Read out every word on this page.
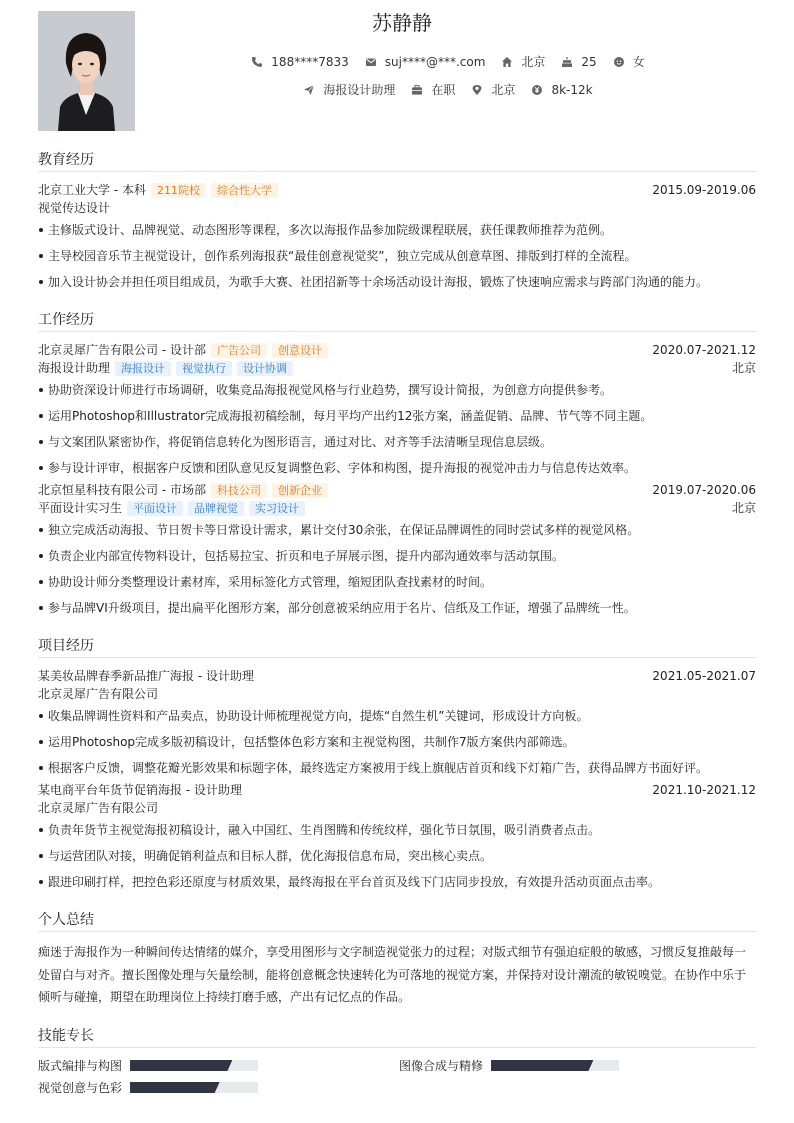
苏静静
188****7833	suj****@***.com	北京	25	女
海报设计助理	在职	北京	8k-12k
教育经历
北京工业大学 - 本科	211院校	综合性大学	2015.09-2019.06
视觉传达设计
主修版式设计、品牌视觉、动态图形等课程，多次以海报作品参加院级课程联展，获任课教师推荐为范例。
主导校园音乐节主视觉设计，创作系列海报获“最佳创意视觉奖”，独立完成从创意草图、排版到打样的全流程。
加入设计协会并担任项目组成员，为歌手大赛、社团招新等十余场活动设计海报，锻炼了快速响应需求与跨部门沟通的能力。
工作经历
北京灵犀广告有限公司 - 设计部	广告公司	创意设计	2020.07-2021.12
海报设计助理	海报设计	视觉执行	设计协调	北京
协助资深设计师进行市场调研，收集竞品海报视觉风格与行业趋势，撰写设计简报，为创意方向提供参考。
运用Photoshop和Illustrator完成海报初稿绘制，每月平均产出约12张方案，涵盖促销、品牌、节气等不同主题。
与文案团队紧密协作，将促销信息转化为图形语言，通过对比、对齐等手法清晰呈现信息层级。
参与设计评审，根据客户反馈和团队意见反复调整色彩、字体和构图，提升海报的视觉冲击力与信息传达效率。
北京恒星科技有限公司 - 市场部	科技公司	创新企业	2019.07-2020.06
平面设计实习生	平面设计	品牌视觉	实习设计	北京
独立完成活动海报、节日贺卡等日常设计需求，累计交付30余张，在保证品牌调性的同时尝试多样的视觉风格。
负责企业内部宣传物料设计，包括易拉宝、折页和电子屏展示图，提升内部沟通效率与活动氛围。
协助设计师分类整理设计素材库，采用标签化方式管理，缩短团队查找素材的时间。
参与品牌VI升级项目，提出扁平化图形方案，部分创意被采纳应用于名片、信纸及工作证，增强了品牌统一性。
项目经历
某美妆品牌春季新品推广海报 - 设计助理	2021.05-2021.07
北京灵犀广告有限公司
收集品牌调性资料和产品卖点，协助设计师梳理视觉方向，提炼“自然生机”关键词，形成设计方向板。
运用Photoshop完成多版初稿设计，包括整体色彩方案和主视觉构图，共制作7版方案供内部筛选。
根据客户反馈，调整花瓣光影效果和标题字体，最终选定方案被用于线上旗舰店首页和线下灯箱广告，获得品牌方书面好评。
某电商平台年货节促销海报 - 设计助理	2021.10-2021.12
北京灵犀广告有限公司
负责年货节主视觉海报初稿设计，融入中国红、生肖图腾和传统纹样，强化节日氛围，吸引消费者点击。
与运营团队对接，明确促销利益点和目标人群，优化海报信息布局，突出核心卖点。
跟进印刷打样，把控色彩还原度与材质效果，最终海报在平台首页及线下门店同步投放，有效提升活动页面点击率。
个人总结
痴迷于海报作为一种瞬间传达情绪的媒介，享受用图形与文字制造视觉张力的过程；对版式细节有强迫症般的敏感，习惯反复推敲每一处留白与对齐。擅长图像处理与矢量绘制，能将创意概念快速转化为可落地的视觉方案，并保持对设计潮流的敏锐嗅觉。在协作中乐于倾听与碰撞，期望在助理岗位上持续打磨手感，产出有记忆点的作品。
技能专长
版式编排与构图	图像合成与精修
视觉创意与色彩
